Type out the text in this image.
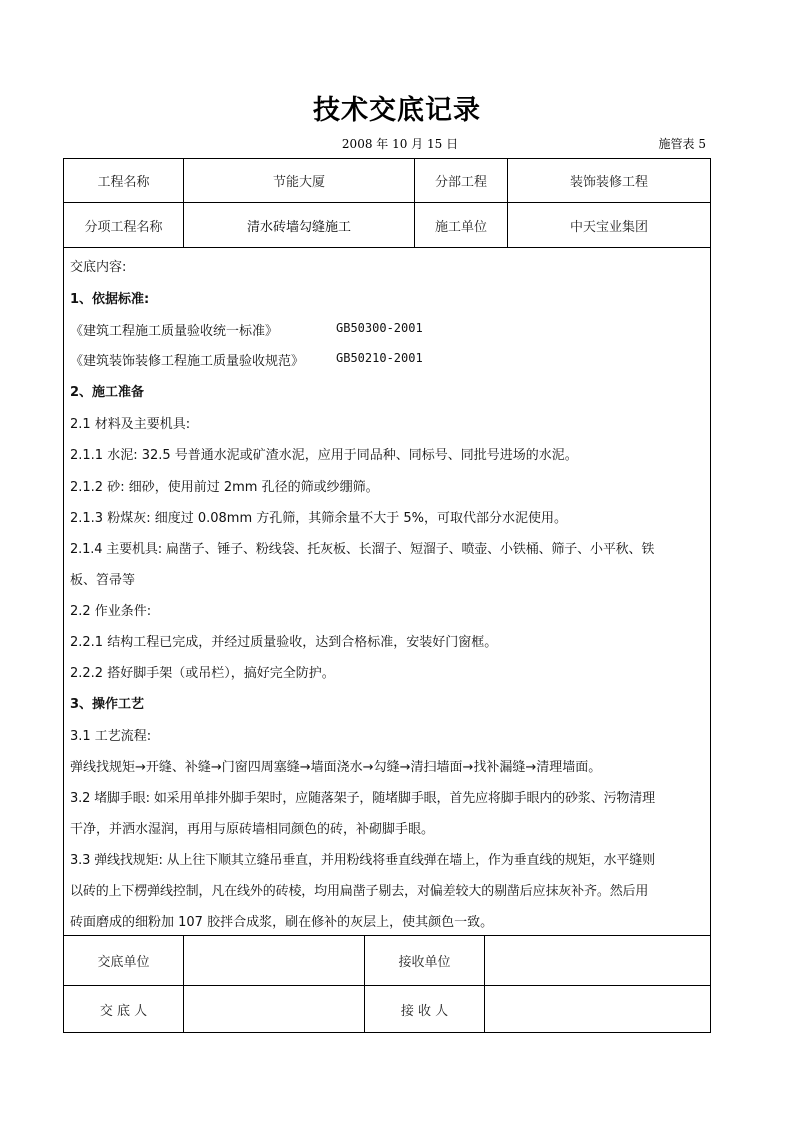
技术交底记录
2008 年 10 月 15 日	施管表 5
工程名称	节能大厦	分部工程	装饰装修工程
分项工程名称	清水砖墙勾缝施工	施工单位	中天宝业集团
交底单位	接收单位
交 底 人	接 收 人
交底内容:
1、依据标准:
《建筑工程施工质量验收统一标准》	GB50300-2001
《建筑装饰装修工程施工质量验收规范》	GB50210-2001
2、施工准备
2.1 材料及主要机具:
2.1.1 水泥: 32.5 号普通水泥或矿渣水泥，应用于同品种、同标号、同批号进场的水泥。
2.1.2 砂: 细砂，使用前过 2mm 孔径的筛或纱绷筛。
2.1.3 粉煤灰: 细度过 0.08mm 方孔筛，其筛余量不大于 5%，可取代部分水泥使用。
2.1.4 主要机具: 扁凿子、锤子、粉线袋、托灰板、长溜子、短溜子、喷壶、小铁桶、筛子、小平秋、铁
板、笤帚等
2.2 作业条件:
2.2.1 结构工程已完成，并经过质量验收，达到合格标准，安装好门窗框。
2.2.2 搭好脚手架（或吊栏），搞好完全防护。
3、操作工艺
3.1 工艺流程:
弹线找规矩→开缝、补缝→门窗四周塞缝→墙面浇水→勾缝→清扫墙面→找补漏缝→清理墙面。
3.2 堵脚手眼: 如采用单排外脚手架时，应随落架子，随堵脚手眼，首先应将脚手眼内的砂浆、污物清理
干净，并洒水湿润，再用与原砖墙相同颜色的砖，补砌脚手眼。
3.3 弹线找规矩: 从上往下顺其立缝吊垂直，并用粉线将垂直线弹在墙上，作为垂直线的规矩，水平缝则
以砖的上下楞弹线控制，凡在线外的砖棱，均用扁凿子剔去，对偏差较大的剔凿后应抹灰补齐。然后用
砖面磨成的细粉加 107 胶拌合成浆，刷在修补的灰层上，使其颜色一致。
